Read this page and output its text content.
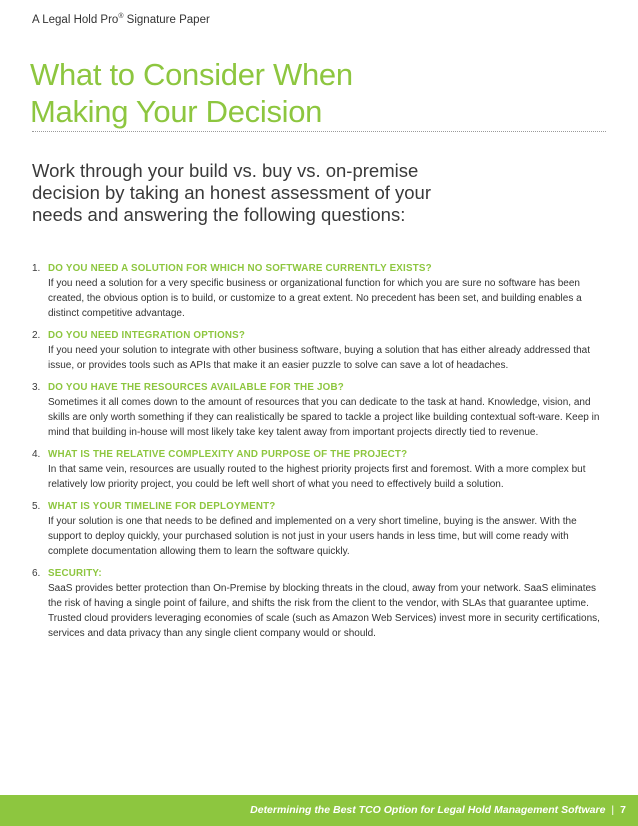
A Legal Hold Pro® Signature Paper
What to Consider When
Making Your Decision
Work through your build vs. buy vs. on-premise
decision by taking an honest assessment of your
needs and answering the following questions:
1. DO YOU NEED A SOLUTION FOR WHICH NO SOFTWARE CURRENTLY EXISTS?
If you need a solution for a very specific business or organizational function for which you are sure no software has been created, the obvious option is to build, or customize to a great extent. No precedent has been set, and building enables a distinct competitive advantage.
2. DO YOU NEED INTEGRATION OPTIONS?
If you need your solution to integrate with other business software, buying a solution that has either already addressed that issue, or provides tools such as APIs that make it an easier puzzle to solve can save a lot of headaches.
3. DO YOU HAVE THE RESOURCES AVAILABLE FOR THE JOB?
Sometimes it all comes down to the amount of resources that you can dedicate to the task at hand. Knowledge, vision, and skills are only worth something if they can realistically be spared to tackle a project like building contextual soft-ware. Keep in mind that building in-house will most likely take key talent away from important projects directly tied to revenue.
4. WHAT IS THE RELATIVE COMPLEXITY AND PURPOSE OF THE PROJECT?
In that same vein, resources are usually routed to the highest priority projects first and foremost. With a more complex but relatively low priority project, you could be left well short of what you need to effectively build a solution.
5. WHAT IS YOUR TIMELINE FOR DEPLOYMENT?
If your solution is one that needs to be defined and implemented on a very short timeline, buying is the answer. With the support to deploy quickly, your purchased solution is not just in your users hands in less time, but will come ready with complete documentation allowing them to learn the software quickly.
6. SECURITY:
SaaS provides better protection than On-Premise by blocking threats in the cloud, away from your network. SaaS eliminates the risk of having a single point of failure, and shifts the risk from the client to the vendor, with SLAs that guarantee uptime. Trusted cloud providers leveraging economies of scale (such as Amazon Web Services) invest more in security certifications, services and data privacy than any single client company would or should.
Determining the Best TCO Option for Legal Hold Management Software | 7
